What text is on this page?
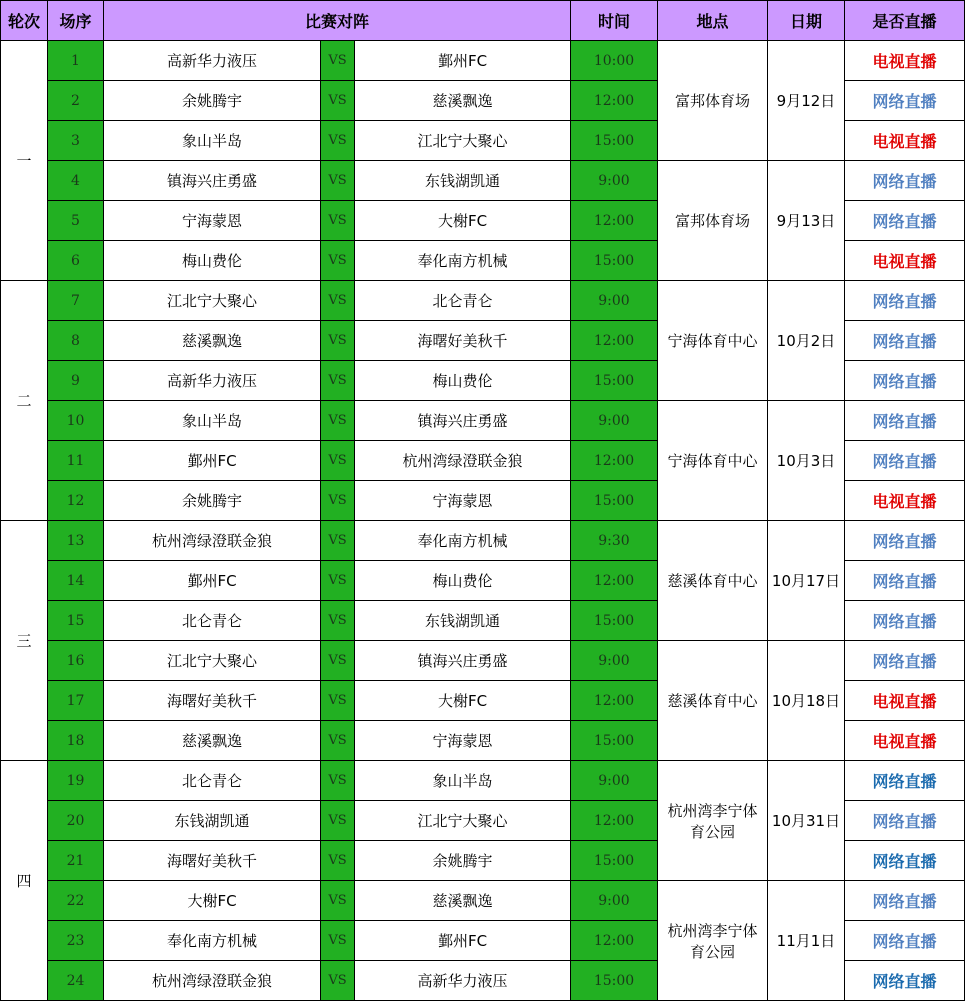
轮次	场序	比赛对阵			时间	地点	日期	是否直播
一	1	高新华力液压	VS	鄞州FC	10:00	富邦体育场	9月12日	电视直播
	2	余姚腾宇	VS	慈溪飘逸	12:00			网络直播
	3	象山半岛	VS	江北宁大聚心	15:00			电视直播
	4	镇海兴庄勇盛	VS	东钱湖凯通	9:00	富邦体育场	9月13日	网络直播
	5	宁海蒙恩	VS	大榭FC	12:00			网络直播
	6	梅山费伦	VS	奉化南方机械	15:00			电视直播
二	7	江北宁大聚心	VS	北仑青仑	9:00	宁海体育中心	10月2日	网络直播
	8	慈溪飘逸	VS	海曙好美秋千	12:00			网络直播
	9	高新华力液压	VS	梅山费伦	15:00			网络直播
	10	象山半岛	VS	镇海兴庄勇盛	9:00	宁海体育中心	10月3日	网络直播
	11	鄞州FC	VS	杭州湾绿澄联金狼	12:00			网络直播
	12	余姚腾宇	VS	宁海蒙恩	15:00			电视直播
三	13	杭州湾绿澄联金狼	VS	奉化南方机械	9:30	慈溪体育中心	10月17日	网络直播
	14	鄞州FC	VS	梅山费伦	12:00			网络直播
	15	北仑青仑	VS	东钱湖凯通	15:00			网络直播
	16	江北宁大聚心	VS	镇海兴庄勇盛	9:00	慈溪体育中心	10月18日	网络直播
	17	海曙好美秋千	VS	大榭FC	12:00			电视直播
	18	慈溪飘逸	VS	宁海蒙恩	15:00			电视直播
四	19	北仑青仑	VS	象山半岛	9:00	杭州湾李宁体育公园	10月31日	网络直播
	20	东钱湖凯通	VS	江北宁大聚心	12:00			网络直播
	21	海曙好美秋千	VS	余姚腾宇	15:00			网络直播
	22	大榭FC	VS	慈溪飘逸	9:00	杭州湾李宁体育公园	11月1日	网络直播
	23	奉化南方机械	VS	鄞州FC	12:00			网络直播
	24	杭州湾绿澄联金狼	VS	高新华力液压	15:00			网络直播
